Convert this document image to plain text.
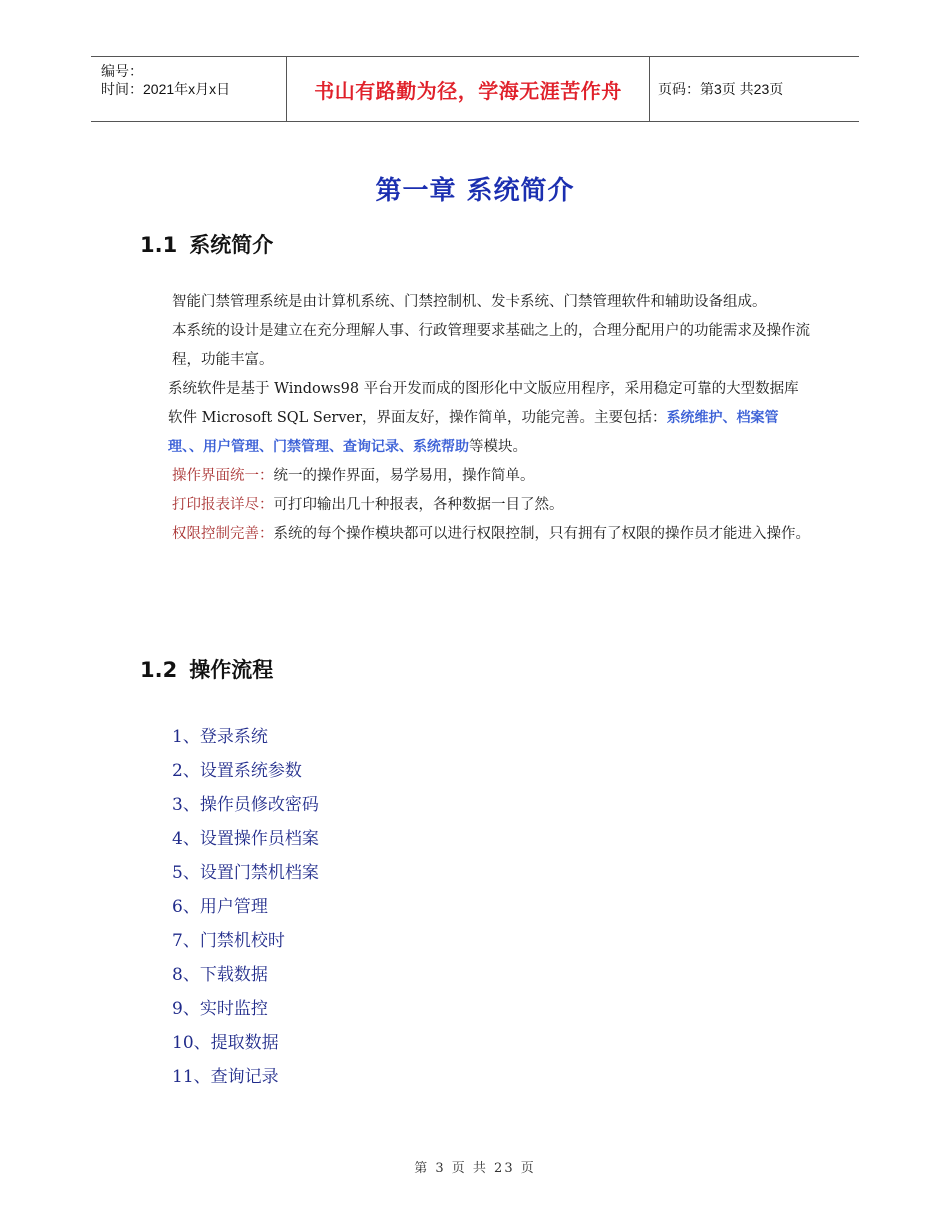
编号：
时间：2021年x月x日	书山有路勤为径，学海无涯苦作舟	页码：第3页 共23页
第一章 系统简介
1.1 系统简介
智能门禁管理系统是由计算机系统、门禁控制机、发卡系统、门禁管理软件和辅助设备组成。
本系统的设计是建立在充分理解人事、行政管理要求基础之上的，合理分配用户的功能需求及操作流程，功能丰富。
系统软件是基于 Windows98 平台开发而成的图形化中文版应用程序，采用稳定可靠的大型数据库软件 Microsoft SQL Server，界面友好，操作简单，功能完善。主要包括：系统维护、档案管理、、用户管理、门禁管理、查询记录、系统帮助等模块。
操作界面统一：统一的操作界面，易学易用，操作简单。
打印报表详尽：可打印输出几十种报表，各种数据一目了然。
权限控制完善：系统的每个操作模块都可以进行权限控制，只有拥有了权限的操作员才能进入操作。
1.2 操作流程
1、登录系统
2、设置系统参数
3、操作员修改密码
4、设置操作员档案
5、设置门禁机档案
6、用户管理
7、门禁机校时
8、下载数据
9、实时监控
10、提取数据
11、查询记录
第 3 页 共 23 页
